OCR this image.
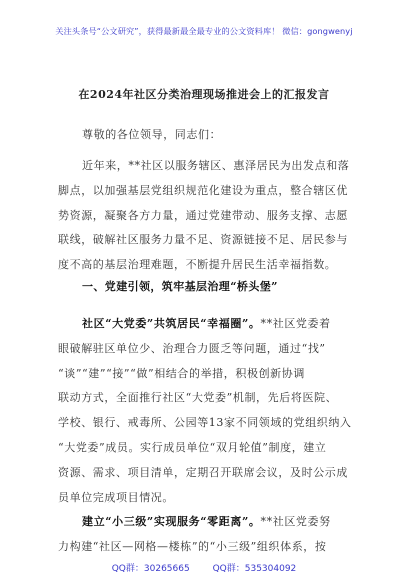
关注头条号“公文研究”，获得最新最全最专业的公文资料库！ 微信：gongwenyj
在2024年社区分类治理现场推进会上的汇报发言
尊敬的各位领导，同志们：
近年来，**社区以服务辖区、惠泽居民为出发点和落
脚点，以加强基层党组织规范化建设为重点，整合辖区优
势资源，凝聚各方力量，通过党建带动、服务支撑、志愿
联线，破解社区服务力量不足、资源链接不足、居民参与
度不高的基层治理难题，不断提升居民生活幸福指数。
一、党建引领，筑牢基层治理“桥头堡”
社区“大党委”共筑居民“幸福圈”。**社区党委着
眼破解驻区单位少、治理合力匮乏等问题，通过“找”
“谈”“建”“接”“做”相结合的举措，积极创新协调
联动方式，全面推行社区“大党委”机制，先后将医院、
学校、银行、戒毒所、公园等13家不同领域的党组织纳入
“大党委”成员。实行成员单位“双月轮值”制度，建立
资源、需求、项目清单，定期召开联席会议，及时公示成
员单位完成项目情况。
建立“小三级”实现服务“零距离”。**社区党委努
力构建“社区—网格—楼栋”的“小三级”组织体系，按
QQ群：30265665	QQ群：535304092
